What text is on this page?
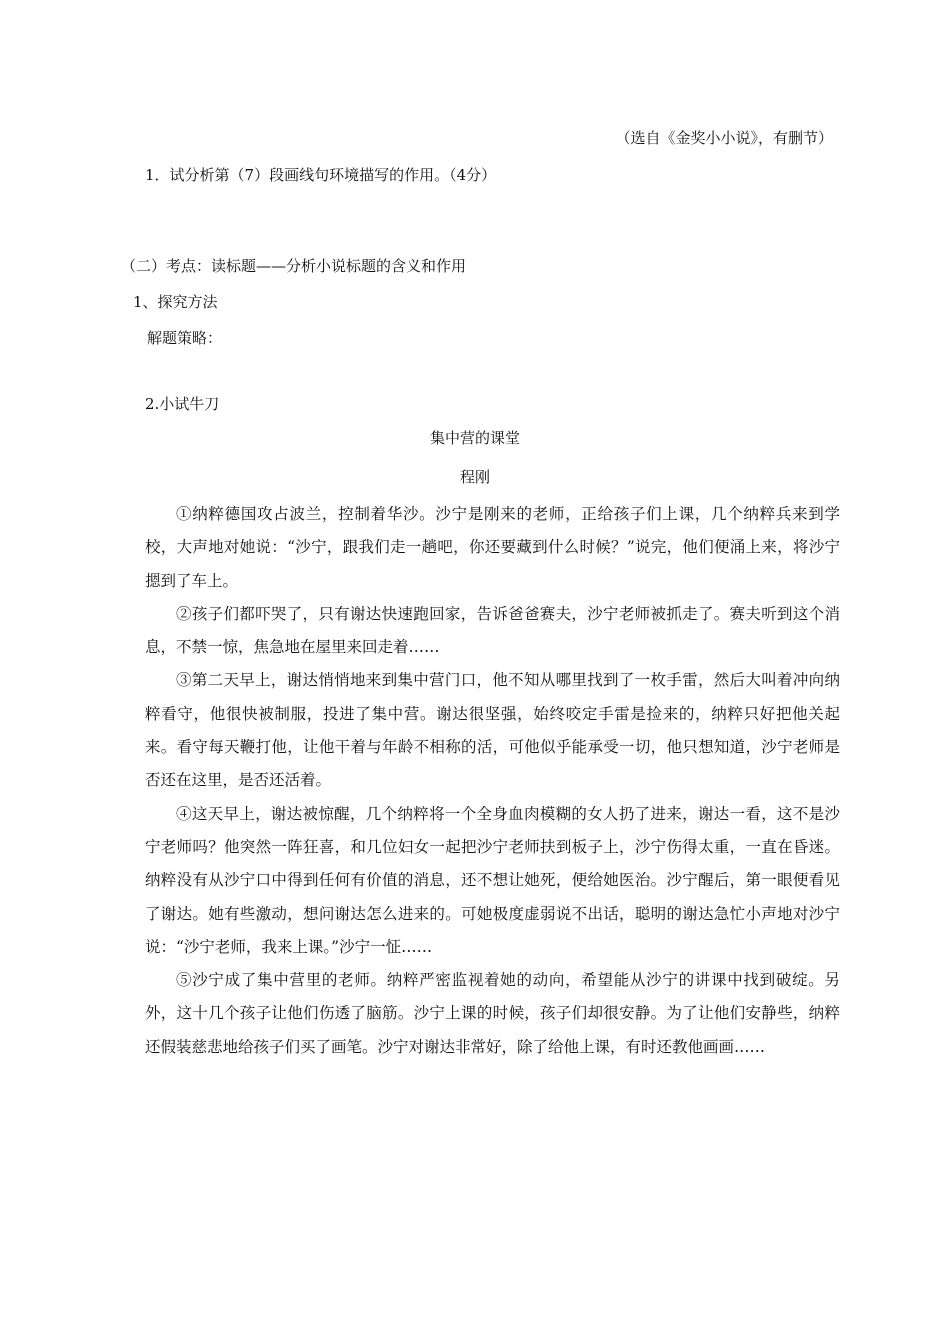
（选自《金奖小小说》，有删节）
1．试分析第（7）段画线句环境描写的作用。（4分）
（二）考点：读标题——分析小说标题的含义和作用
1、探究方法
解题策略：
2.小试牛刀
集中营的课堂
程刚

①纳粹德国攻占波兰，控制着华沙。沙宁是刚来的老师，正给孩子们上课，几个纳粹兵来到学校，大声地对她说：“沙宁，跟我们走一趟吧，你还要藏到什么时候？”说完，他们便涌上来，将沙宁摁到了车上。

②孩子们都吓哭了，只有谢达快速跑回家，告诉爸爸赛夫，沙宁老师被抓走了。赛夫听到这个消息，不禁一惊，焦急地在屋里来回走着……

③第二天早上，谢达悄悄地来到集中营门口，他不知从哪里找到了一枚手雷，然后大叫着冲向纳粹看守，他很快被制服，投进了集中营。谢达很坚强，始终咬定手雷是捡来的，纳粹只好把他关起来。看守每天鞭打他，让他干着与年龄不相称的活，可他似乎能承受一切，他只想知道，沙宁老师是否还在这里，是否还活着。

④这天早上，谢达被惊醒，几个纳粹将一个全身血肉模糊的女人扔了进来，谢达一看，这不是沙宁老师吗？他突然一阵狂喜，和几位妇女一起把沙宁老师扶到板子上，沙宁伤得太重，一直在昏迷。纳粹没有从沙宁口中得到任何有价值的消息，还不想让她死，便给她医治。沙宁醒后，第一眼便看见了谢达。她有些激动，想问谢达怎么进来的。可她极度虚弱说不出话，聪明的谢达急忙小声地对沙宁说：“沙宁老师，我来上课。”沙宁一怔……

⑤沙宁成了集中营里的老师。纳粹严密监视着她的动向，希望能从沙宁的讲课中找到破绽。另外，这十几个孩子让他们伤透了脑筋。沙宁上课的时候，孩子们却很安静。为了让他们安静些，纳粹还假装慈悲地给孩子们买了画笔。沙宁对谢达非常好，除了给他上课，有时还教他画画……
